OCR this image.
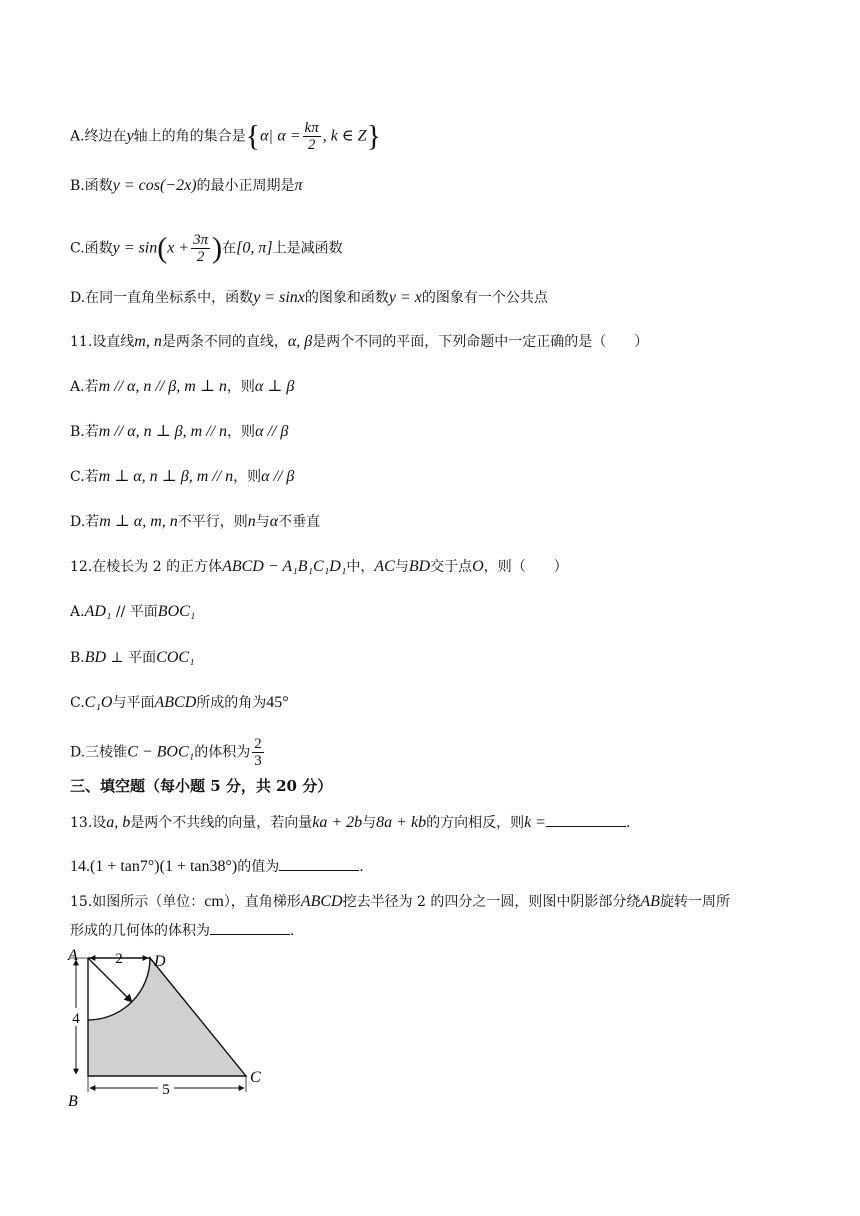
A.终边在y轴上的角的集合是{α| $\alpha = \frac{k\pi}{2}$ , k ∈ Z}
B.函数y = cos(−2x)的最小正周期是π
C.函数$y = \sin(x + \frac{3\pi}{2}$ )在[0, π]上是减函数
D.在同一直角坐标系中，函数y = sinx的图象和函数y = x的图象有一个公共点
11.设直线m, n是两条不同的直线，α, β是两个不同的平面，下列命题中一定正确的是（　　）
A.若m // α, n // β, m ⊥ n，则α ⊥ β
B.若m // α, n ⊥ β, m // n，则α // β
C.若m ⊥ α, n ⊥ β, m // n，则α // β
D.若m ⊥ α, m, n不平行，则n与α不垂直
12.在棱长为 2 的正方体ABCD − A₁B₁C₁D₁中，AC与BD交于点O，则（　　）
A.AD₁ // 平面BOC₁
B.BD ⊥ 平面COC₁
C.C₁O与平面ABCD所成的角为45°
D.三棱锥C − BOC₁的体积为 $\frac{2}{3}$
三、填空题（每小题 5 分，共 20 分）
13.设a, b是两个不共线的向量，若向量ka + 2b与8a + kb的方向相反，则k =	.
14.(1 + tan7°)(1 + tan38°)的值为	.
15.如图所示（单位：cm），直角梯形ABCD挖去半径为 2 的四分之一圆，则图中阴影部分绕AB旋转一周所
形成的几何体的体积为	.
2
4
5
A	D
B
C
